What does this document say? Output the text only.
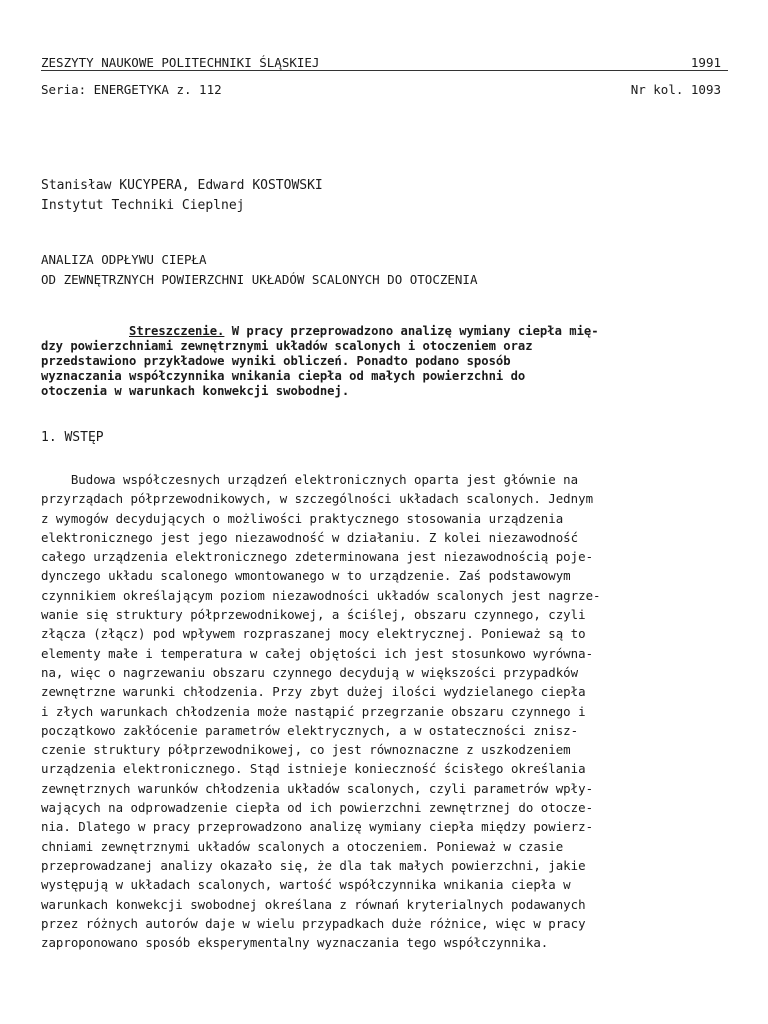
ZESZYTY NAUKOWE POLITECHNIKI ŚLĄSKIEJ	1991
Seria: ENERGETYKA z. 112	Nr kol. 1093
Stanisław KUCYPERA, Edward KOSTOWSKI
Instytut Techniki Cieplnej
ANALIZA ODPŁYWU CIEPŁA
OD ZEWNĘTRZNYCH POWIERZCHNI UKŁADÓW SCALONYCH DO OTOCZENIA
Streszczenie. W pracy przeprowadzono analizę wymiany ciepła mię-
dzy powierzchniami zewnętrznymi układów scalonych i otoczeniem oraz
przedstawiono przykładowe wyniki obliczeń. Ponadto podano sposób
wyznaczania współczynnika wnikania ciepła od małych powierzchni do
otoczenia w warunkach konwekcji swobodnej.
1. WSTĘP
Budowa współczesnych urządzeń elektronicznych oparta jest głównie na
przyrządach półprzewodnikowych, w szczególności układach scalonych. Jednym
z wymogów decydujących o możliwości praktycznego stosowania urządzenia
elektronicznego jest jego niezawodność w działaniu. Z kolei niezawodność
całego urządzenia elektronicznego zdeterminowana jest niezawodnością poje-
dynczego układu scalonego wmontowanego w to urządzenie. Zaś podstawowym
czynnikiem określającym poziom niezawodności układów scalonych jest nagrze-
wanie się struktury półprzewodnikowej, a ściślej, obszaru czynnego, czyli
złącza (złącz) pod wpływem rozpraszanej mocy elektrycznej. Ponieważ są to
elementy małe i temperatura w całej objętości ich jest stosunkowo wyrówna-
na, więc o nagrzewaniu obszaru czynnego decydują w większości przypadków
zewnętrzne warunki chłodzenia. Przy zbyt dużej ilości wydzielanego ciepła
i złych warunkach chłodzenia może nastąpić przegrzanie obszaru czynnego i
początkowo zakłócenie parametrów elektrycznych, a w ostateczności znisz-
czenie struktury półprzewodnikowej, co jest równoznaczne z uszkodzeniem
urządzenia elektronicznego. Stąd istnieje konieczność ścisłego określania
zewnętrznych warunków chłodzenia układów scalonych, czyli parametrów wpły-
wających na odprowadzenie ciepła od ich powierzchni zewnętrznej do otocze-
nia. Dlatego w pracy przeprowadzono analizę wymiany ciepła między powierz-
chniami zewnętrznymi układów scalonych a otoczeniem. Ponieważ w czasie
przeprowadzanej analizy okazało się, że dla tak małych powierzchni, jakie
występują w układach scalonych, wartość współczynnika wnikania ciepła w
warunkach konwekcji swobodnej określana z równań kryterialnych podawanych
przez różnych autorów daje w wielu przypadkach duże różnice, więc w pracy
zaproponowano sposób eksperymentalny wyznaczania tego współczynnika.
